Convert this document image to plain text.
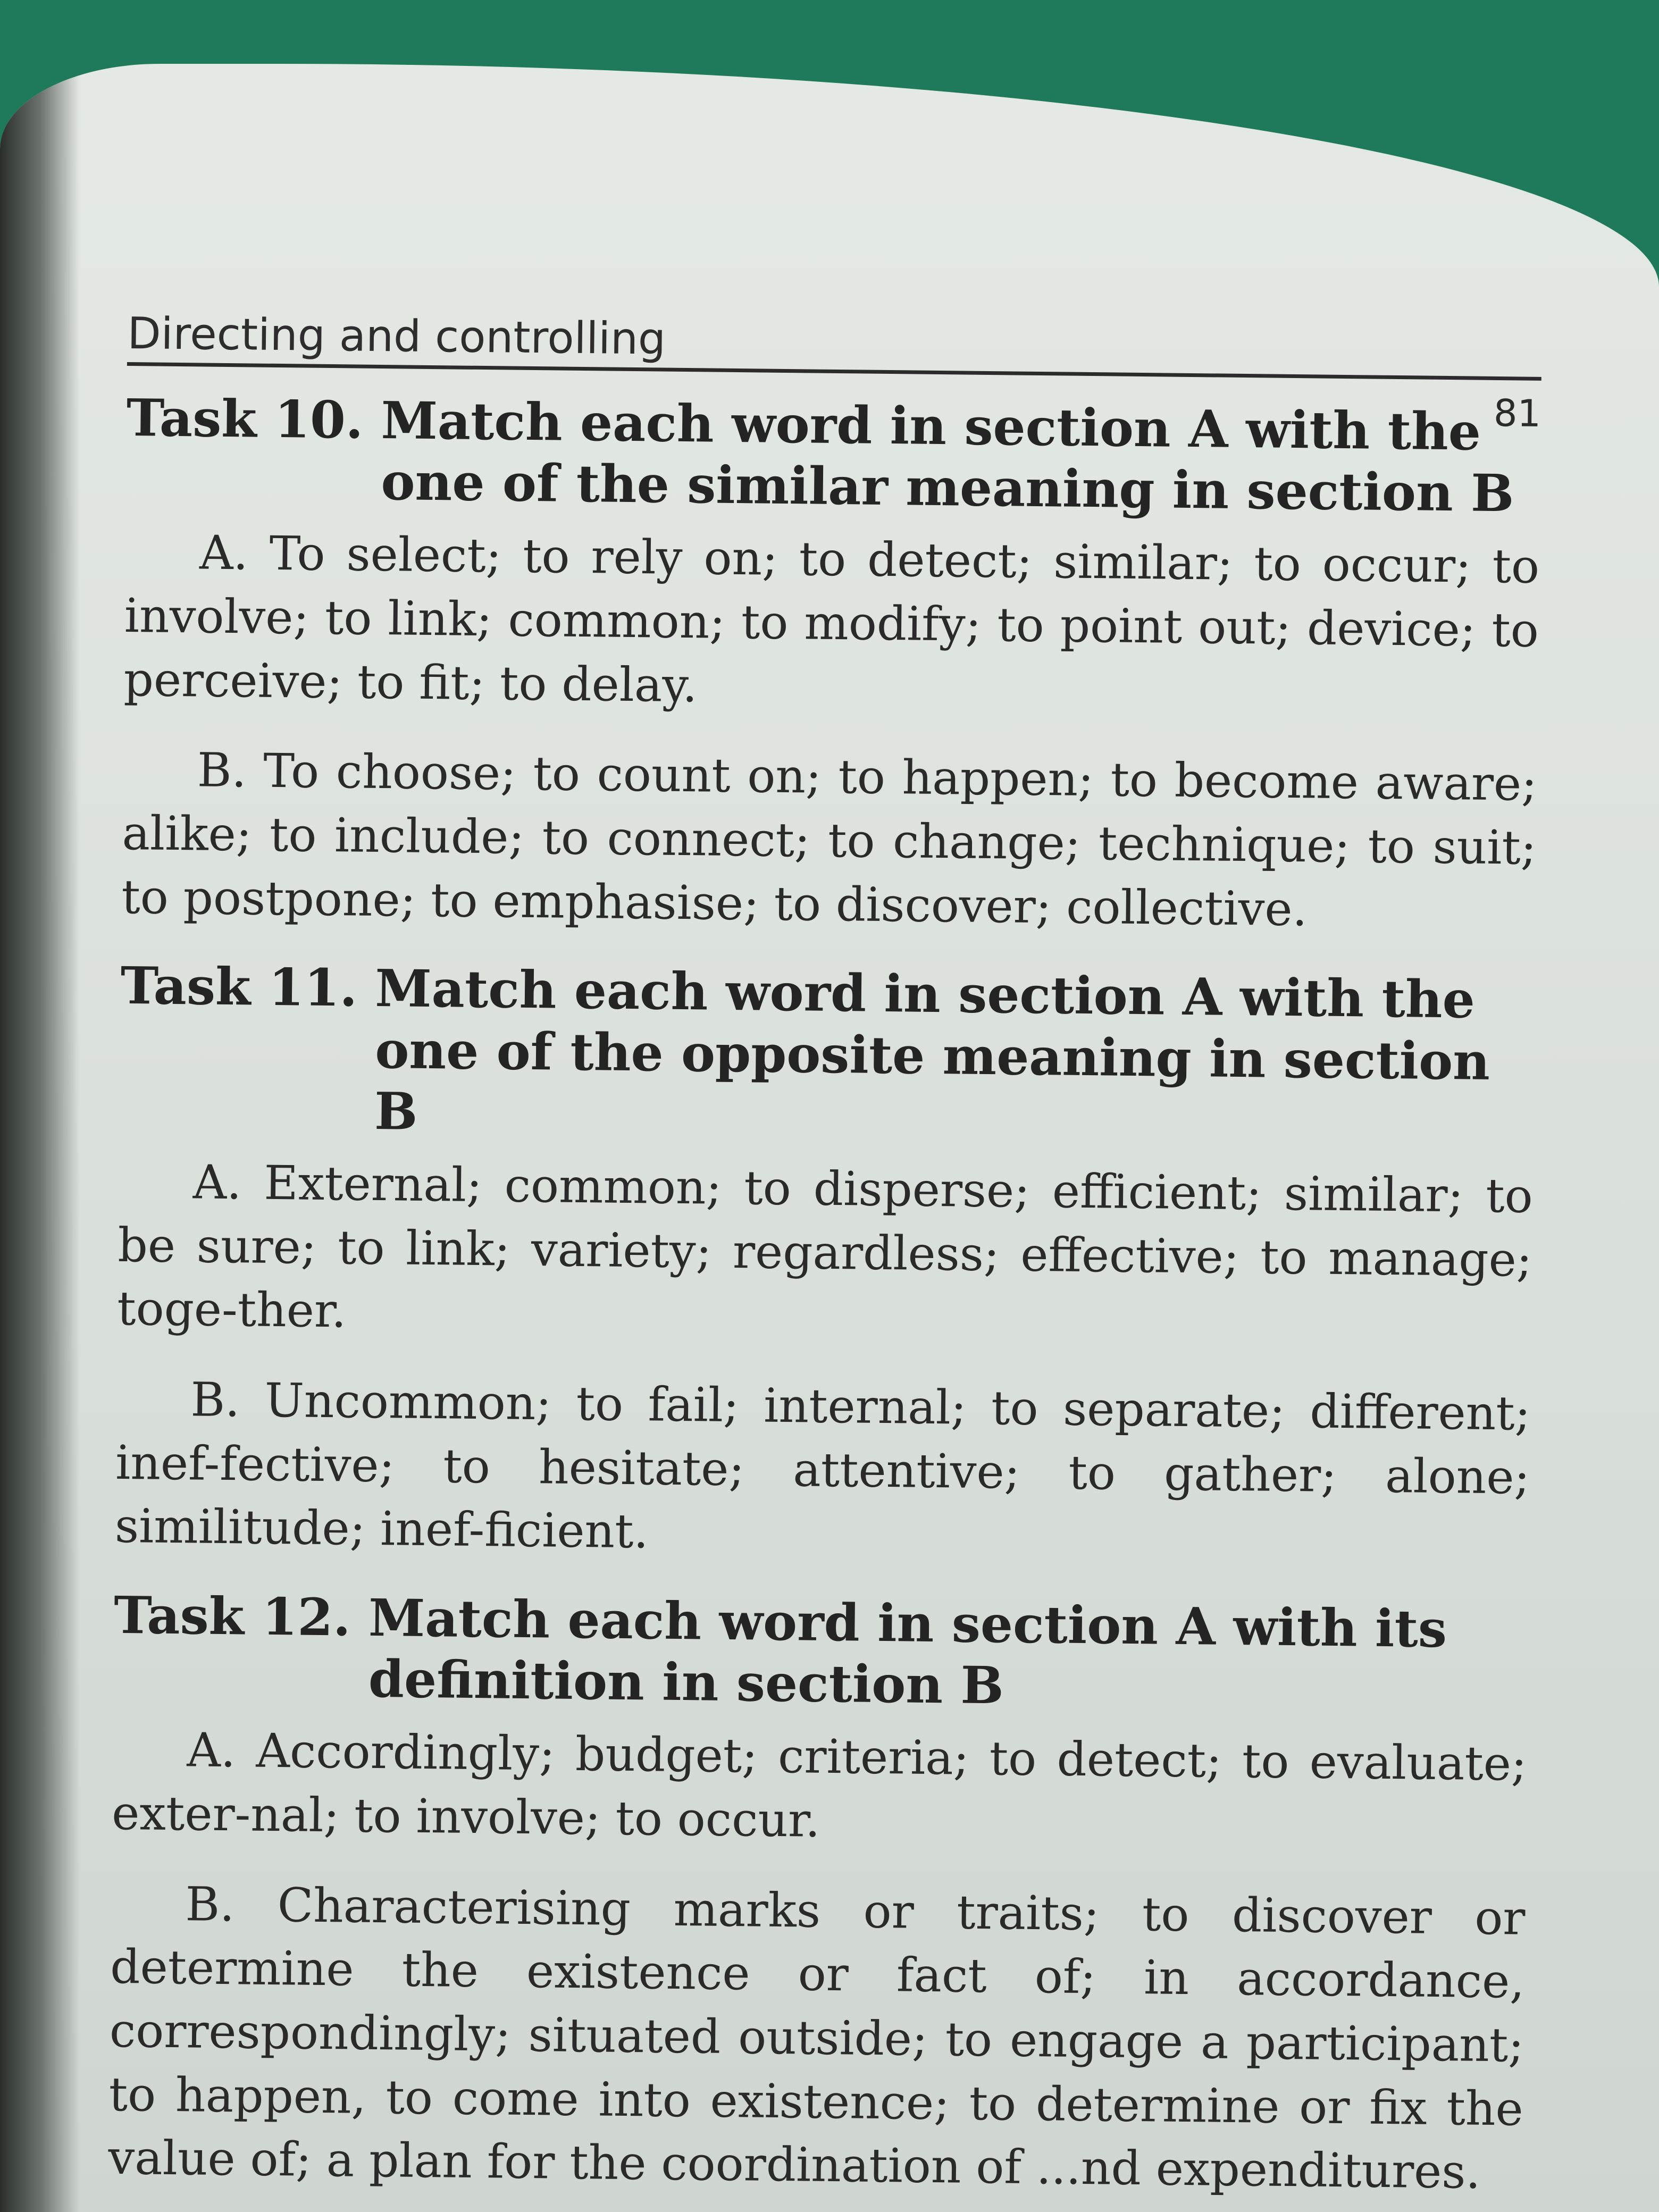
Directing and controlling
81

Task 10. Match each word in section A with the one of the similar meaning in section B

A. To select; to rely on; to detect; similar; to occur; to involve; to link; common; to modify; to point out; device; to perceive; to fit; to delay.

B. To choose; to count on; to happen; to become aware; alike; to include; to connect; to change; technique; to suit; to postpone; to emphasise; to discover; collective.

Task 11. Match each word in section A with the one of the opposite meaning in section B

A. External; common; to disperse; efficient; similar; to be sure; to link; variety; regardless; effective; to manage; toge-ther.

B. Uncommon; to fail; internal; to separate; different; inef-fective; to hesitate; attentive; to gather; alone; similitude; inef-ficient.

Task 12. Match each word in section A with its definition in section B

A. Accordingly; budget; criteria; to detect; to evaluate; exter-nal; to involve; to occur.

B. Characterising marks or traits; to discover or determine the existence or fact of; in accordance, correspondingly; situated outside; to engage a participant; to happen, to come into existence; to determine or fix the value of; a plan for the coordination of ...nd expenditures.
